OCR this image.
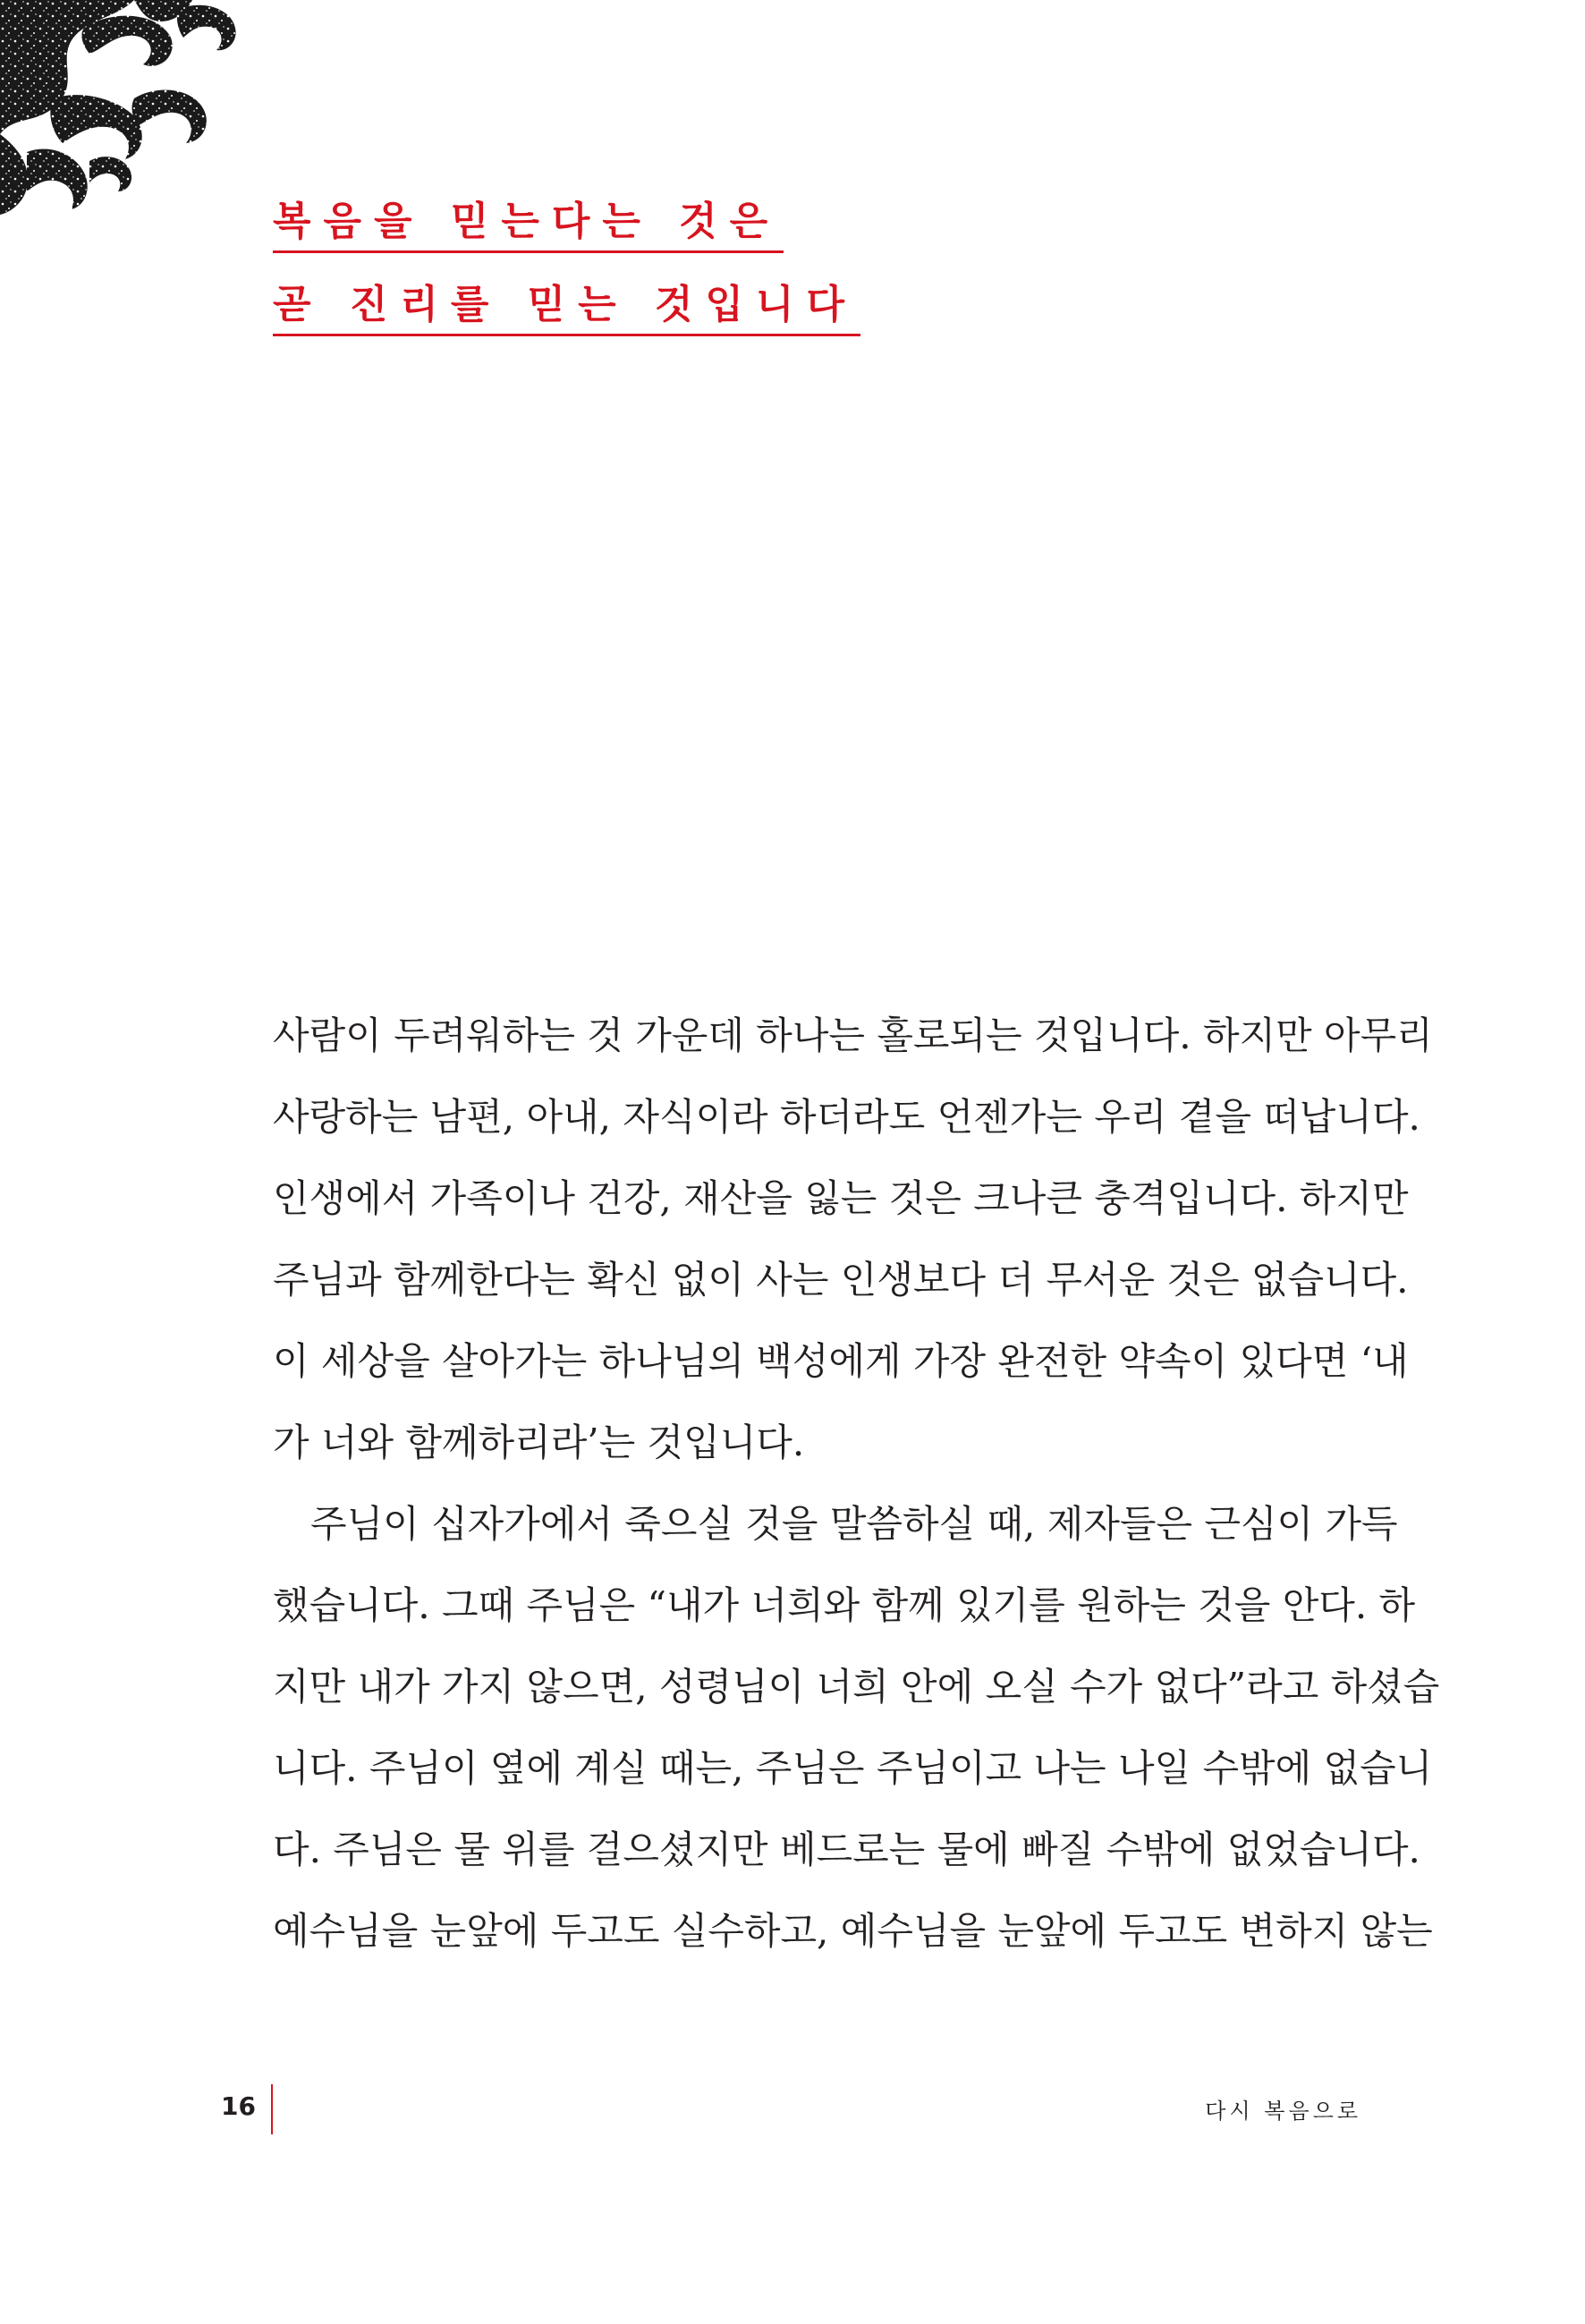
복음을 믿는다는 것은
곧 진리를 믿는 것입니다
사람이 두려워하는 것 가운데 하나는 홀로되는 것입니다. 하지만 아무리
사랑하는 남편, 아내, 자식이라 하더라도 언젠가는 우리 곁을 떠납니다.
인생에서 가족이나 건강, 재산을 잃는 것은 크나큰 충격입니다. 하지만
주님과 함께한다는 확신 없이 사는 인생보다 더 무서운 것은 없습니다.
이 세상을 살아가는 하나님의 백성에게 가장 완전한 약속이 있다면 ‘내
가 너와 함께하리라’는 것입니다.
주님이 십자가에서 죽으실 것을 말씀하실 때, 제자들은 근심이 가득
했습니다. 그때 주님은 “내가 너희와 함께 있기를 원하는 것을 안다. 하
지만 내가 가지 않으면, 성령님이 너희 안에 오실 수가 없다”라고 하셨습
니다. 주님이 옆에 계실 때는, 주님은 주님이고 나는 나일 수밖에 없습니
다. 주님은 물 위를 걸으셨지만 베드로는 물에 빠질 수밖에 없었습니다.
예수님을 눈앞에 두고도 실수하고, 예수님을 눈앞에 두고도 변하지 않는
16	다시 복음으로
